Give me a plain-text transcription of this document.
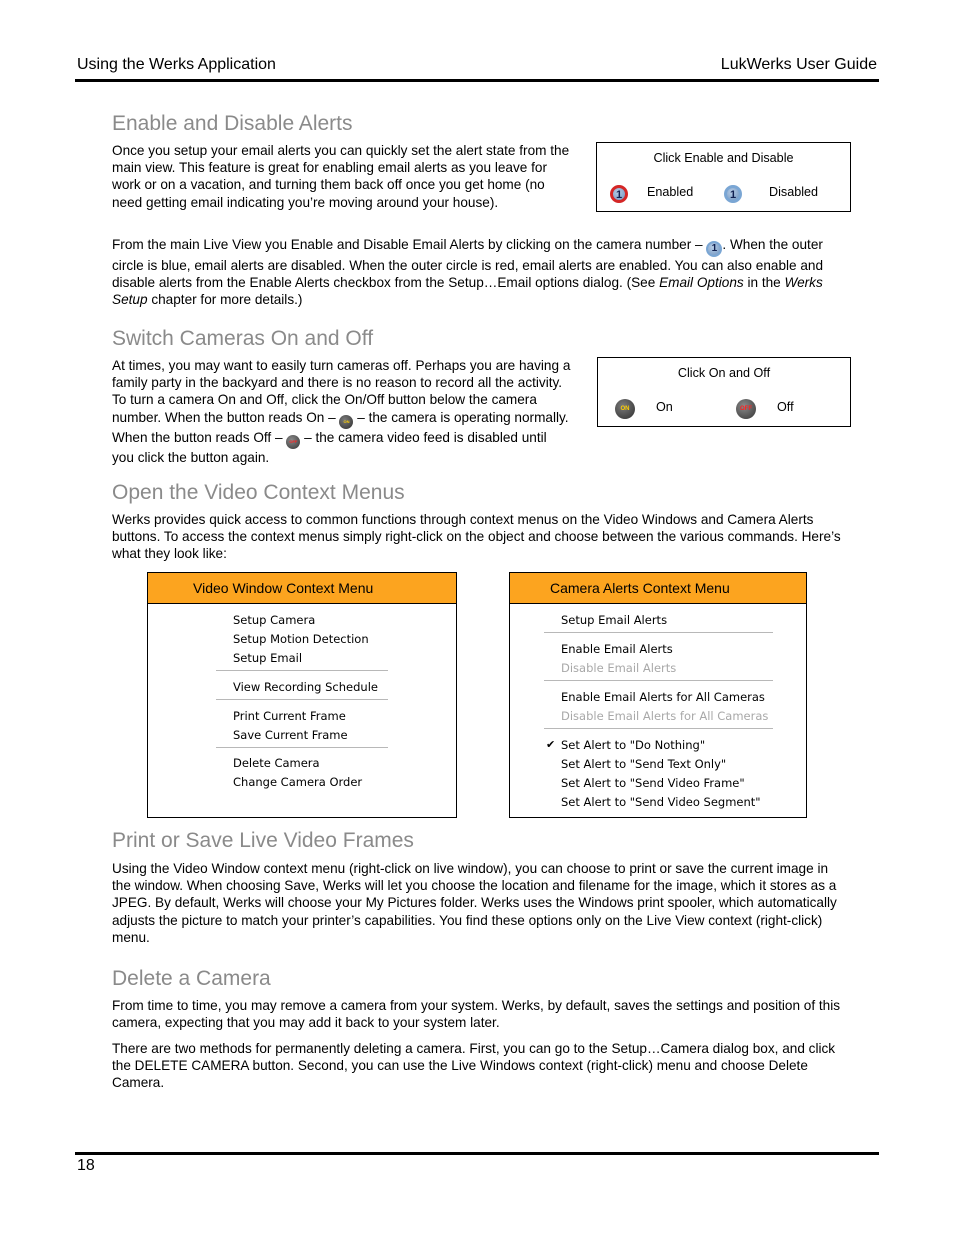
Using the Werks Application	LukWerks User Guide
Enable and Disable Alerts

Once you setup your email alerts you can quickly set the alert state from the main view. This feature is great for enabling email alerts as you leave for work or on a vacation, and turning them back off once you get home (no need getting email indicating you’re moving around your house).

Click Enable and Disable
1	Enabled	1	Disabled

From the main Live View you Enable and Disable Email Alerts by clicking on the camera number – 1 . When the outer circle is blue, email alerts are disabled. When the outer circle is red, email alerts are enabled. You can also enable and disable alerts from the Enable Alerts checkbox from the Setup…Email options dialog. (See Email Options in the Werks Setup chapter for more details.)

Switch Cameras On and Off

At times, you may want to easily turn cameras off. Perhaps you are having a family party in the backyard and there is no reason to record all the activity. To turn a camera On and Off, click the On/Off button below the camera number. When the button reads On – ON – the camera is operating normally. When the button reads Off – OFF – the camera video feed is disabled until you click the button again.

Click On and Off
ON	On	OFF	Off
Open the Video Context Menus

Werks provides quick access to common functions through context menus on the Video Windows and Camera Alerts buttons. To access the context menus simply right-click on the object and choose between the various commands. Here’s what they look like:

Video Window Context Menu
Setup Camera
Setup Motion Detection
Setup Email
View Recording Schedule
Print Current Frame
Save Current Frame
Delete Camera
Change Camera Order
Camera Alerts Context Menu
Setup Email Alerts
Enable Email Alerts
Disable Email Alerts
Enable Email Alerts for All Cameras
Disable Email Alerts for All Cameras
✔ Set Alert to "Do Nothing"
Set Alert to "Send Text Only"
Set Alert to "Send Video Frame"
Set Alert to "Send Video Segment"
Print or Save Live Video Frames

Using the Video Window context menu (right-click on live window), you can choose to print or save the current image in the window. When choosing Save, Werks will let you choose the location and filename for the image, which it stores as a JPEG. By default, Werks will choose your My Pictures folder. Werks uses the Windows print spooler, which automatically adjusts the picture to match your printer’s capabilities. You find these options only on the Live View context (right-click) menu.

Delete a Camera

From time to time, you may remove a camera from your system. Werks, by default, saves the settings and position of this camera, expecting that you may add it back to your system later.

There are two methods for permanently deleting a camera. First, you can go to the Setup…Camera dialog box, and click the DELETE CAMERA button. Second, you can use the Live Windows context (right-click) menu and choose Delete Camera.

18
